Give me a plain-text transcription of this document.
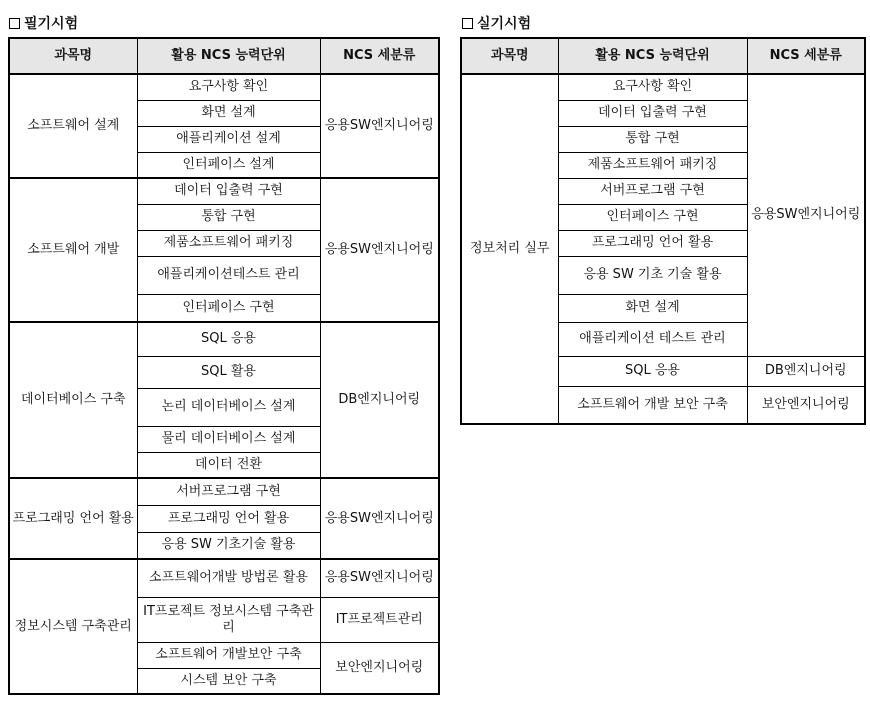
필기시험
과목명	활용 NCS 능력단위	NCS 세분류
소프트웨어 설계	요구사항 확인	응용SW엔지니어링
	화면 설계	
	애플리케이션 설계	
	인터페이스 설계	
소프트웨어 개발	데이터 입출력 구현	응용SW엔지니어링
	통합 구현	
	제품소프트웨어 패키징	
	애플리케이션테스트 관리	
	인터페이스 구현	
데이터베이스 구축	SQL 응용	DB엔지니어링
	SQL 활용	
	논리 데이터베이스 설계	
	물리 데이터베이스 설계	
	데이터 전환	
프로그래밍 언어 활용	서버프로그램 구현	응용SW엔지니어링
	프로그래밍 언어 활용	
	응용 SW 기초기술 활용	
정보시스템 구축관리	소프트웨어개발 방법론 활용	응용SW엔지니어링
	IT프로젝트 정보시스템 구축관리	IT프로젝트관리
	소프트웨어 개발보안 구축	보안엔지니어링
	시스템 보안 구축	
실기시험
과목명	활용 NCS 능력단위	NCS 세분류
정보처리 실무	요구사항 확인	응용SW엔지니어링
	데이터 입출력 구현	
	통합 구현	
	제품소프트웨어 패키징	
	서버프로그램 구현	
	인터페이스 구현	
	프로그래밍 언어 활용	
	응용 SW 기초 기술 활용	
	화면 설계	
	애플리케이션 테스트 관리	
	SQL 응용	DB엔지니어링
	소프트웨어 개발 보안 구축	보안엔지니어링
